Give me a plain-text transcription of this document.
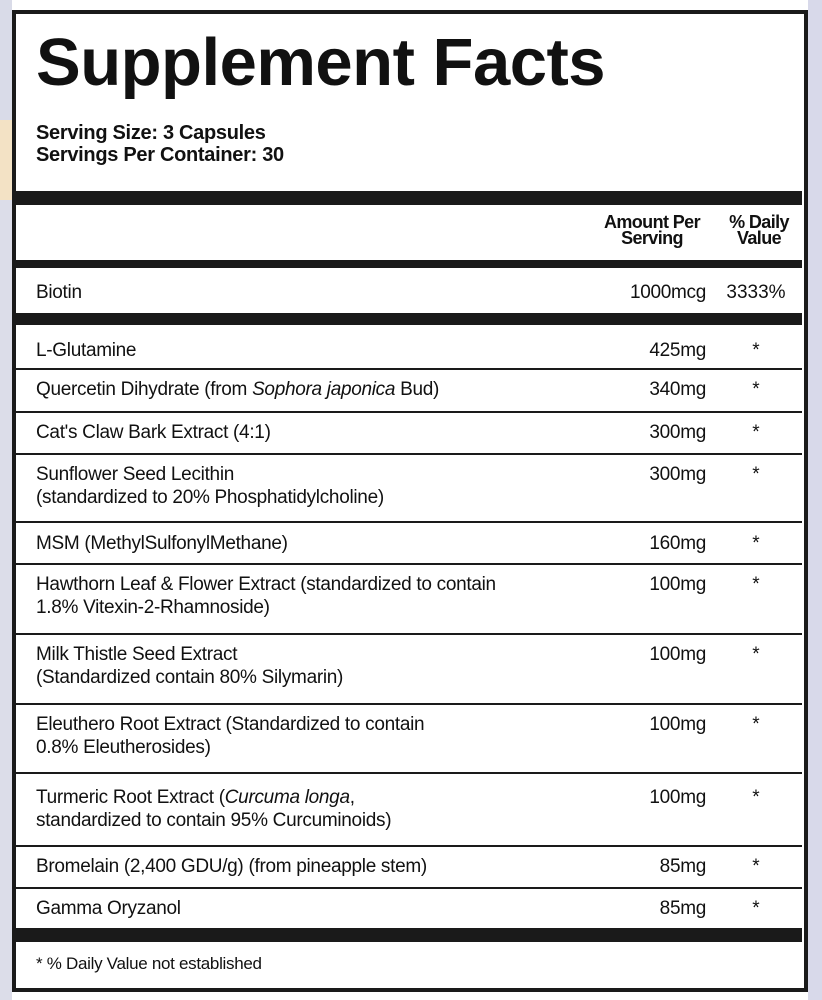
Supplement Facts
Serving Size: 3 Capsules
Servings Per Container: 30
Amount Per
Serving
% Daily
Value
Biotin	1000mcg	3333%
L-Glutamine	425mg	*
Quercetin Dihydrate (from Sophora japonica Bud)	340mg	*
Cat's Claw Bark Extract (4:1)	300mg	*
Sunflower Seed Lecithin
(standardized to 20% Phosphatidylcholine)
300mg	*
MSM (MethylSulfonylMethane)	160mg	*
Hawthorn Leaf & Flower Extract (standardized to contain
1.8% Vitexin-2-Rhamnoside)
100mg	*
Milk Thistle Seed Extract
(Standardized contain 80% Silymarin)
100mg	*
Eleuthero Root Extract (Standardized to contain
0.8% Eleutherosides)
100mg	*
Turmeric Root Extract (Curcuma longa,
standardized to contain 95% Curcuminoids)
100mg	*
Bromelain (2,400 GDU/g) (from pineapple stem)	85mg	*
Gamma Oryzanol	85mg	*
* % Daily Value not established
